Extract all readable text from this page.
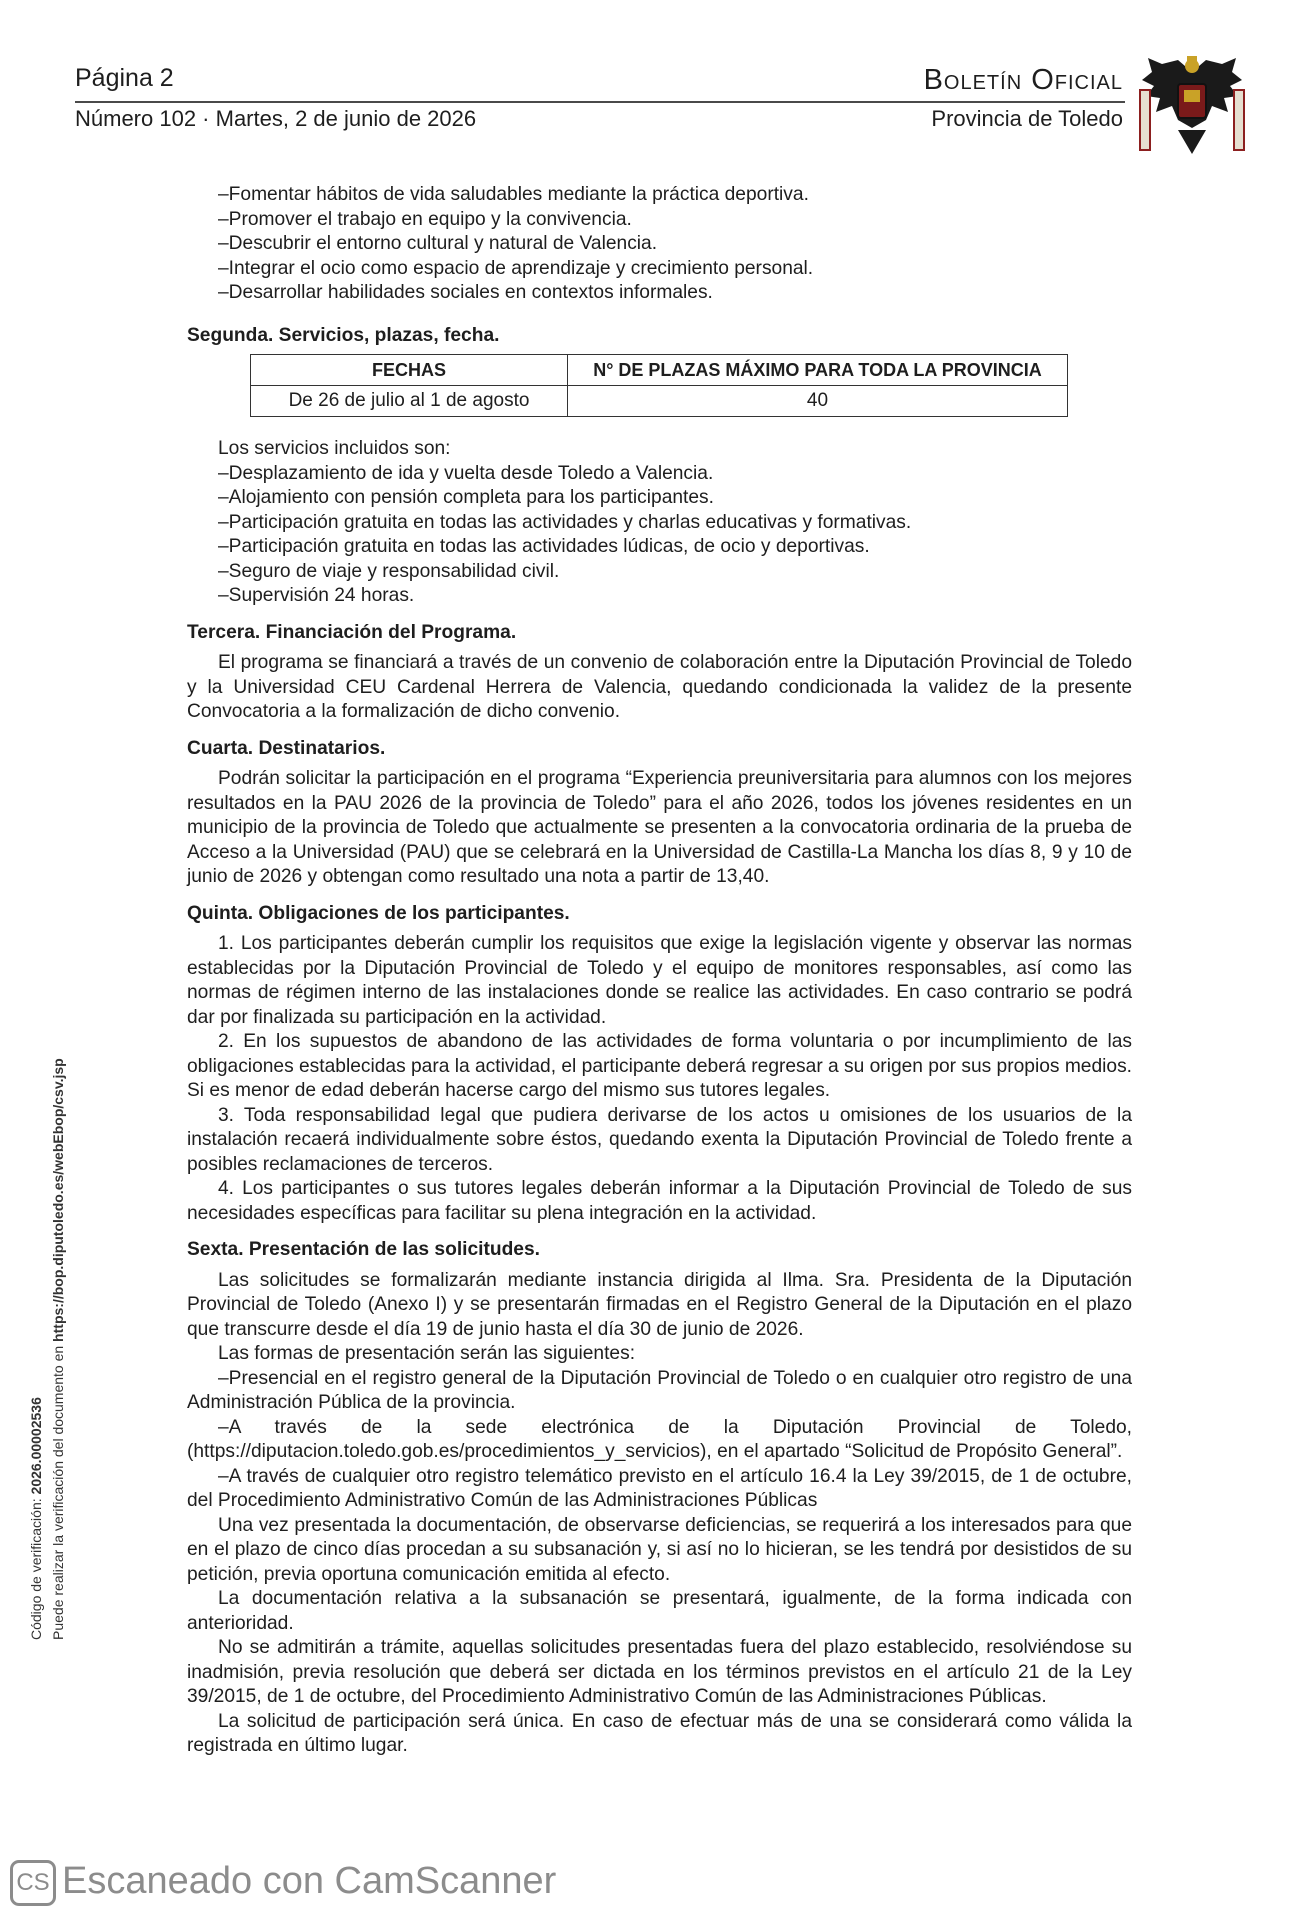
Página 2
Número 102 · Martes, 2 de junio de 2026
Boletín Oficial
Provincia de Toledo
Código de verificación: 2026.00002536 Puede realizar la verificación del documento en https://bop.diputoledo.es/webEbop/csv.jsp

–Fomentar hábitos de vida saludables mediante la práctica deportiva.

–Promover el trabajo en equipo y la convivencia.

–Descubrir el entorno cultural y natural de Valencia.

–Integrar el ocio como espacio de aprendizaje y crecimiento personal.

–Desarrollar habilidades sociales en contextos informales.

Segunda. Servicios, plazas, fecha.

FECHAS	N° DE PLAZAS MÁXIMO PARA TODA LA PROVINCIA
De 26 de julio al 1 de agosto	40

Los servicios incluidos son:

–Desplazamiento de ida y vuelta desde Toledo a Valencia.

–Alojamiento con pensión completa para los participantes.

–Participación gratuita en todas las actividades y charlas educativas y formativas.

–Participación gratuita en todas las actividades lúdicas, de ocio y deportivas.

–Seguro de viaje y responsabilidad civil.

–Supervisión 24 horas.

Tercera. Financiación del Programa.

El programa se financiará a través de un convenio de colaboración entre la Diputación Provincial de Toledo y la Universidad CEU Cardenal Herrera de Valencia, quedando condicionada la validez de la presente Convocatoria a la formalización de dicho convenio.

Cuarta. Destinatarios.

Podrán solicitar la participación en el programa “Experiencia preuniversitaria para alumnos con los mejores resultados en la PAU 2026 de la provincia de Toledo” para el año 2026, todos los jóvenes residentes en un municipio de la provincia de Toledo que actualmente se presenten a la convocatoria ordinaria de la prueba de Acceso a la Universidad (PAU) que se celebrará en la Universidad de Castilla-La Mancha los días 8, 9 y 10 de junio de 2026 y obtengan como resultado una nota a partir de 13,40.

Quinta. Obligaciones de los participantes.

1. Los participantes deberán cumplir los requisitos que exige la legislación vigente y observar las normas establecidas por la Diputación Provincial de Toledo y el equipo de monitores responsables, así como las normas de régimen interno de las instalaciones donde se realice las actividades. En caso contrario se podrá dar por finalizada su participación en la actividad.

2. En los supuestos de abandono de las actividades de forma voluntaria o por incumplimiento de las obligaciones establecidas para la actividad, el participante deberá regresar a su origen por sus propios medios. Si es menor de edad deberán hacerse cargo del mismo sus tutores legales.

3. Toda responsabilidad legal que pudiera derivarse de los actos u omisiones de los usuarios de la instalación recaerá individualmente sobre éstos, quedando exenta la Diputación Provincial de Toledo frente a posibles reclamaciones de terceros.

4. Los participantes o sus tutores legales deberán informar a la Diputación Provincial de Toledo de sus necesidades específicas para facilitar su plena integración en la actividad.

Sexta. Presentación de las solicitudes.

Las solicitudes se formalizarán mediante instancia dirigida al Ilma. Sra. Presidenta de la Diputación Provincial de Toledo (Anexo I) y se presentarán firmadas en el Registro General de la Diputación en el plazo que transcurre desde el día 19 de junio hasta el día 30 de junio de 2026.

Las formas de presentación serán las siguientes:

–Presencial en el registro general de la Diputación Provincial de Toledo o en cualquier otro registro de una Administración Pública de la provincia.

–A través de la sede electrónica de la Diputación Provincial de Toledo, (https://diputacion.toledo.gob.es/procedimientos_y_servicios), en el apartado “Solicitud de Propósito General”.

–A través de cualquier otro registro telemático previsto en el artículo 16.4 la Ley 39/2015, de 1 de octubre, del Procedimiento Administrativo Común de las Administraciones Públicas

Una vez presentada la documentación, de observarse deficiencias, se requerirá a los interesados para que en el plazo de cinco días procedan a su subsanación y, si así no lo hicieran, se les tendrá por desistidos de su petición, previa oportuna comunicación emitida al efecto.

La documentación relativa a la subsanación se presentará, igualmente, de la forma indicada con anterioridad.

No se admitirán a trámite, aquellas solicitudes presentadas fuera del plazo establecido, resolviéndose su inadmisión, previa resolución que deberá ser dictada en los términos previstos en el artículo 21 de la Ley 39/2015, de 1 de octubre, del Procedimiento Administrativo Común de las Administraciones Públicas.

La solicitud de participación será única. En caso de efectuar más de una se considerará como válida la registrada en último lugar.

CS Escaneado con CamScanner
